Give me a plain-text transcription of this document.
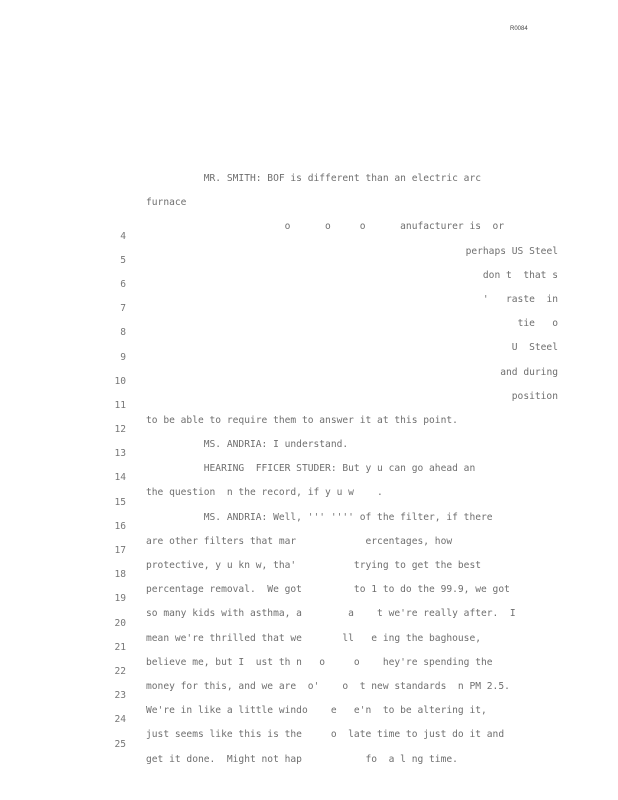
R0084

MR. SMITH: BOF is different than an electric arc

furnace

o      o     o      anufacturer is  or

4

perhaps US Steel

5

don t  that s

6

'   raste  in

7

tie   o

8

U  Steel

9

and during

10

position

11

to be able to require them to answer it at this point.

12

MS. ANDRIA: I understand.

13

HEARING  FFICER STUDER: But y u can go ahead an

14

the question  n the record, if y u w    .

15

MS. ANDRIA: Well, ''' '''' of the filter, if there

16

are other filters that mar            ercentages, how

17

protective, y u kn w, tha'          trying to get the best

18

percentage removal.  We got         to 1 to do the 99.9, we got

19

so many kids with asthma, a        a    t we're really after.  I

20

mean we're thrilled that we       ll   e ing the baghouse,

21

believe me, but I  ust th n   o     o    hey're spending the

22

money for this, and we are  o'    o  t new standards  n PM 2.5.

23

We're in like a little windo    e   e'n  to be altering it,

24

just seems like this is the     o  late time to just do it and

25

get it done.  Might not hap           fo  a l ng time.
